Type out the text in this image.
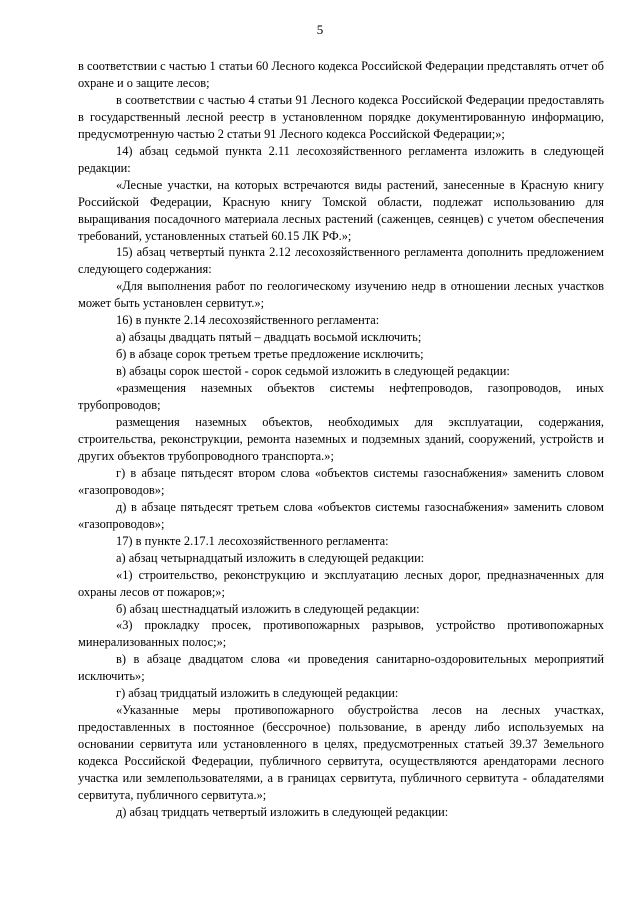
5

в соответствии с частью 1 статьи 60 Лесного кодекса Российской Федерации представлять отчет об охране и о защите лесов;

в соответствии с частью 4 статьи 91 Лесного кодекса Российской Федерации предоставлять в государственный лесной реестр в установленном порядке документированную информацию, предусмотренную частью 2 статьи 91 Лесного кодекса Российской Федерации;»;

14) абзац седьмой пункта 2.11 лесохозяйственного регламента изложить в следующей редакции:

«Лесные участки, на которых встречаются виды растений, занесенные в Красную книгу Российской Федерации, Красную книгу Томской области, подлежат использованию для выращивания посадочного материала лесных растений (саженцев, сеянцев) с учетом обеспечения требований, установленных статьей 60.15 ЛК РФ.»;

15) абзац четвертый пункта 2.12 лесохозяйственного регламента дополнить предложением следующего содержания:

«Для выполнения работ по геологическому изучению недр в отношении лесных участков может быть установлен сервитут.»;

16) в пункте 2.14 лесохозяйственного регламента:

а) абзацы двадцать пятый – двадцать восьмой исключить;

б) в абзаце сорок третьем третье предложение исключить;

в) абзацы сорок шестой - сорок седьмой изложить в следующей редакции:

«размещения наземных объектов системы нефтепроводов, газопроводов, иных трубопроводов;

размещения наземных объектов, необходимых для эксплуатации, содержания, строительства, реконструкции, ремонта наземных и подземных зданий, сооружений, устройств и других объектов трубопроводного транспорта.»;

г) в абзаце пятьдесят втором слова «объектов системы газоснабжения» заменить словом «газопроводов»;

д) в абзаце пятьдесят третьем слова «объектов системы газоснабжения» заменить словом «газопроводов»;

17) в пункте 2.17.1 лесохозяйственного регламента:

а) абзац четырнадцатый изложить в следующей редакции:

«1) строительство, реконструкцию и эксплуатацию лесных дорог, предназначенных для охраны лесов от пожаров;»;

б) абзац шестнадцатый изложить в следующей редакции:

«3) прокладку просек, противопожарных разрывов, устройство противопожарных минерализованных полос;»;

в) в абзаце двадцатом слова «и проведения санитарно-оздоровительных мероприятий исключить»;

г) абзац тридцатый изложить в следующей редакции:

«Указанные меры противопожарного обустройства лесов на лесных участках, предоставленных в постоянное (бессрочное) пользование, в аренду либо используемых на основании сервитута или установленного в целях, предусмотренных статьей 39.37 Земельного кодекса Российской Федерации, публичного сервитута, осуществляются арендаторами лесного участка или землепользователями, а в границах сервитута, публичного сервитута - обладателями сервитута, публичного сервитута.»;

д) абзац тридцать четвертый изложить в следующей редакции:
